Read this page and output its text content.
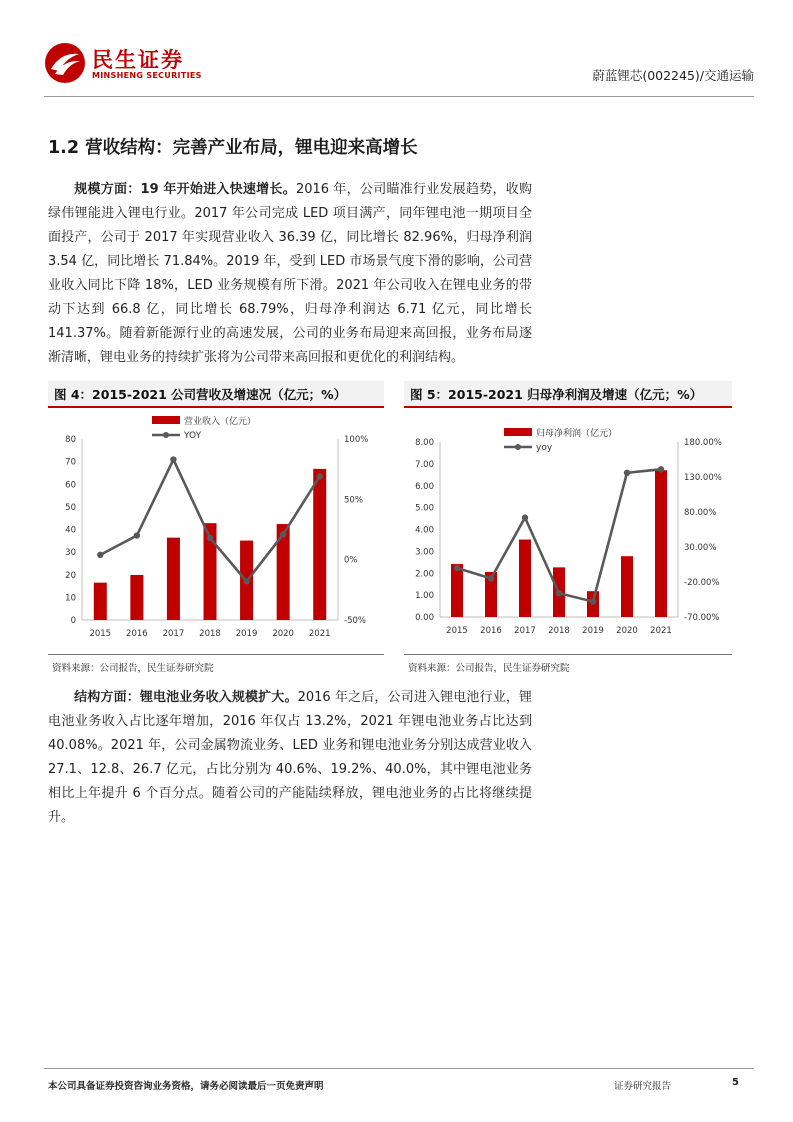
民生证券
MINSHENG SECURITIES	蔚蓝锂芯(002245)/交通运输
1.2 营收结构：完善产业布局，锂电迎来高增长
规模方面：19 年开始进入快速增长。2016 年，公司瞄准行业发展趋势，收购绿伟锂能进入锂电行业。2017 年公司完成 LED 项目满产，同年锂电池一期项目全面投产，公司于 2017 年实现营业收入 36.39 亿，同比增长 82.96%，归母净利润 3.54 亿，同比增长 71.84%。2019 年，受到 LED 市场景气度下滑的影响，公司营业收入同比下降 18%，LED 业务规模有所下滑。2021 年公司收入在锂电业务的带动下达到 66.8 亿，同比增长 68.79%，归母净利润达 6.71 亿元，同比增长 141.37%。随着新能源行业的高速发展，公司的业务布局迎来高回报，业务布局逐渐清晰，锂电业务的持续扩张将为公司带来高回报和更优化的利润结构。
图 4：2015-2021 公司营收及增速况（亿元；%）	图 5：2015-2021 归母净利润及增速（亿元；%）
0
10
20
30
40
50
60
70
80
-50%
0%
50%
100%
2015 2016 2017 2018 2019 2020 2021
营业收入（亿元）
YOY
0.00
1.00
2.00
3.00
4.00
5.00
6.00
7.00
8.00
-70.00%
-20.00%
30.00%
80.00%
130.00%
180.00%
2015 2016 2017 2018 2019 2020 2021
归母净利润（亿元）
yoy
资料来源：公司报告，民生证券研究院	资料来源：公司报告，民生证券研究院
结构方面：锂电池业务收入规模扩大。2016 年之后，公司进入锂电池行业，锂电池业务收入占比逐年增加，2016 年仅占 13.2%，2021 年锂电池业务占比达到 40.08%。2021 年，公司金属物流业务、LED 业务和锂电池业务分别达成营业收入 27.1、12.8、26.7 亿元，占比分别为 40.6%、19.2%、40.0%，其中锂电池业务相比上年提升 6 个百分点。随着公司的产能陆续释放，锂电池业务的占比将继续提升。
本公司具备证券投资咨询业务资格，请务必阅读最后一页免责声明	证券研究报告	5
